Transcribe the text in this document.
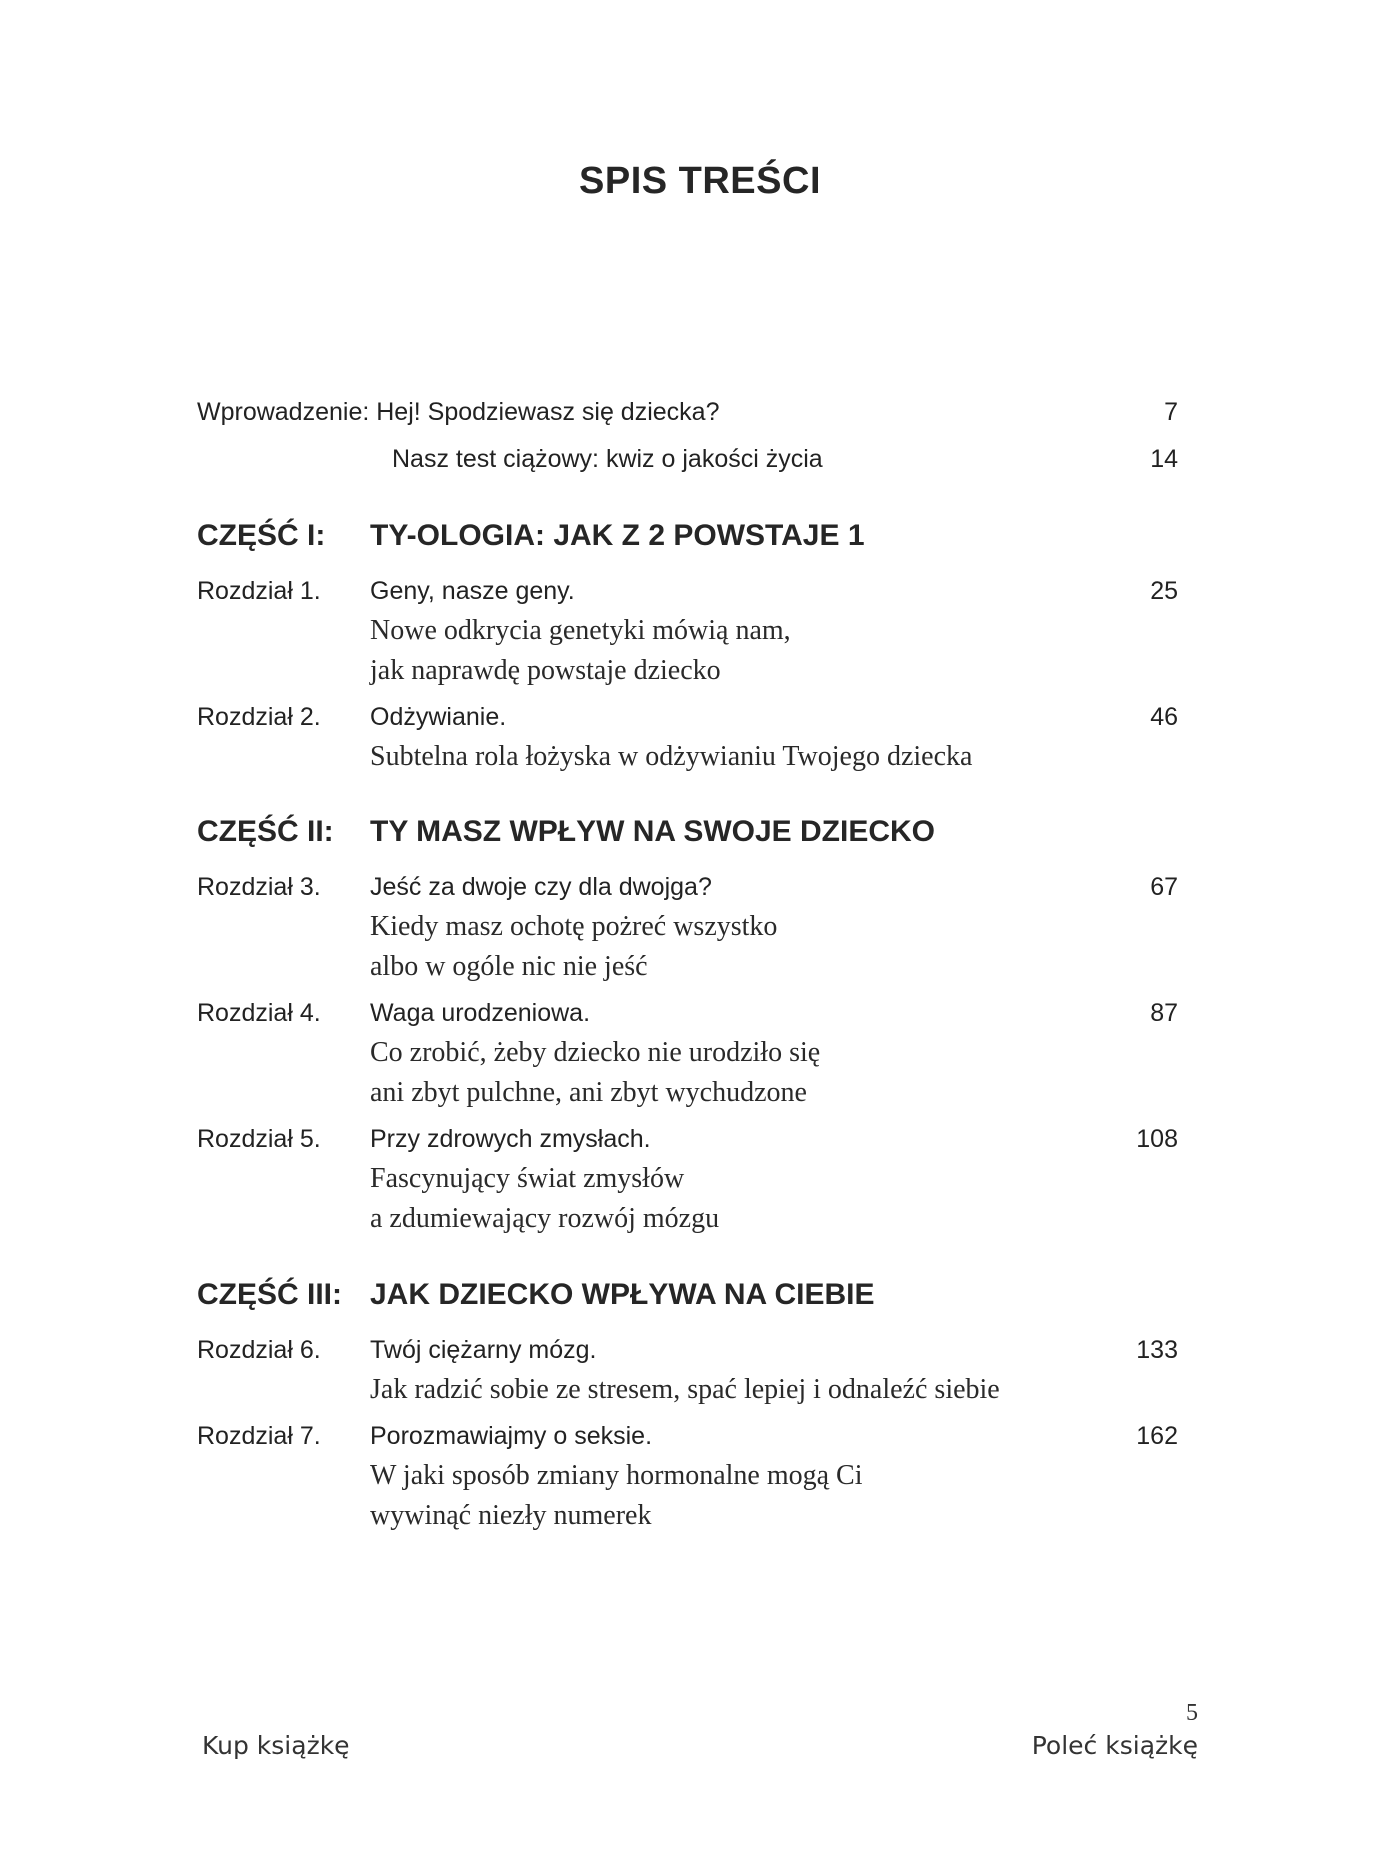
SPIS TREŚCI
Wprowadzenie: Hej! Spodziewasz się dziecka?	7
Nasz test ciążowy: kwiz o jakości życia	14
CZĘŚĆ I: TY-OLOGIA: JAK Z 2 POWSTAJE 1
Rozdział 1. Geny, nasze geny.	25
Nowe odkrycia genetyki mówią nam,
jak naprawdę powstaje dziecko
Rozdział 2. Odżywianie.	46
Subtelna rola łożyska w odżywianiu Twojego dziecka
CZĘŚĆ II: TY MASZ WPŁYW NA SWOJE DZIECKO
Rozdział 3. Jeść za dwoje czy dla dwojga?	67
Kiedy masz ochotę pożreć wszystko
albo w ogóle nic nie jeść
Rozdział 4. Waga urodzeniowa.	87
Co zrobić, żeby dziecko nie urodziło się
ani zbyt pulchne, ani zbyt wychudzone
Rozdział 5. Przy zdrowych zmysłach.	108
Fascynujący świat zmysłów
a zdumiewający rozwój mózgu
CZĘŚĆ III: JAK DZIECKO WPŁYWA NA CIEBIE
Rozdział 6. Twój ciężarny mózg.	133
Jak radzić sobie ze stresem, spać lepiej i odnaleźć siebie
Rozdział 7. Porozmawiajmy o seksie.	162
W jaki sposób zmiany hormonalne mogą Ci
wywinąć niezły numerek
5
Kup książkę	Poleć książkę
